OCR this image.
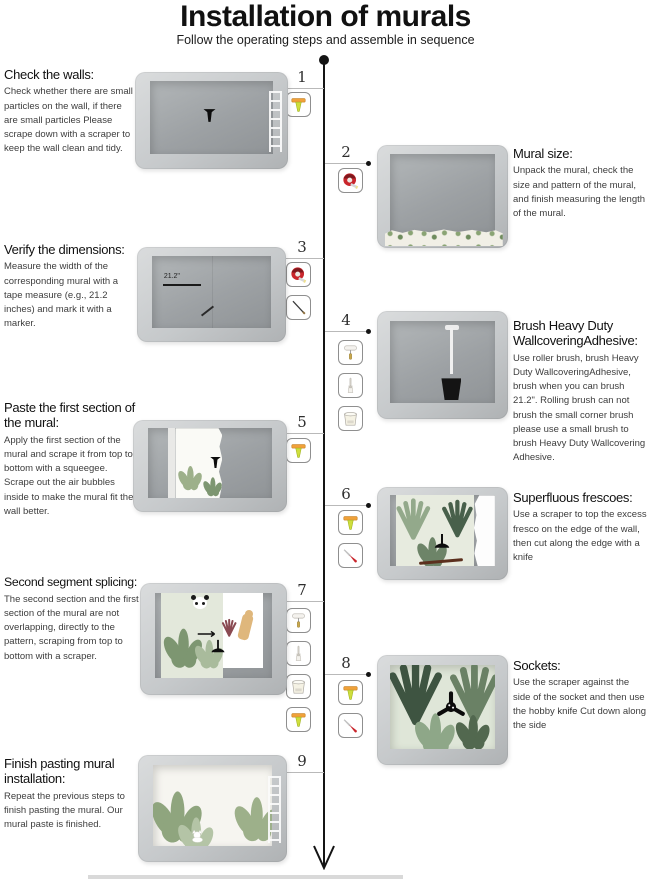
Installation of murals

Follow the operating steps and assemble in sequence

Check the walls:

Check whether there are small particles on the wall, if there are small particles Please scrape down with a scraper to keep the wall clean and tidy.

1
Mural size:

Unpack the mural, check the size and pattern of the mural, and finish measuring the length of the mural.

2
Verify the dimensions:

Measure the width of the corresponding mural with a tape measure (e.g., 21.2 inches) and mark it with a marker.

3
21.2"
Brush Heavy Duty WallcoveringAdhesive:

Use roller brush, brush Heavy Duty WallcoveringAdhesive, brush when you can brush 21.2". Rolling brush can not brush the small corner brush please use a small brush to brush Heavy Duty Wallcovering Adhesive.

4
Paste the first section of the mural:

Apply the first section of the mural and scrape it from top to bottom with a squeegee. Scrape out the air bubbles inside to make the mural fit the wall better.

5
Superfluous frescoes:

Use a scraper to top the excess fresco on the edge of the wall, then cut along the edge with a knife

6
Second segment splicing:

The second section and the first section of the mural are not overlapping, directly to the pattern, scraping from top to bottom with a scraper.

7
Sockets:

Use the scraper against the side of the socket and then use the hobby knife Cut down along the side

8
Finish pasting mural installation:

Repeat the previous steps to finish pasting the mural. Our mural paste is finished.

9
